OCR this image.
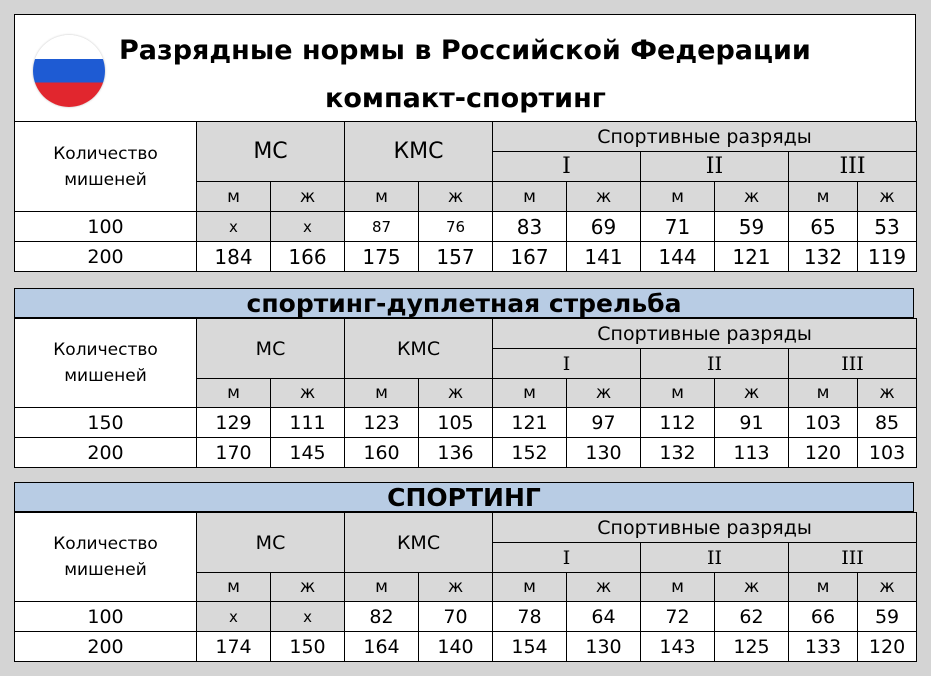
Разрядные нормы в Российской Федерации
компакт-спортинг
Количество мишеней	МС		КМС		Спортивные разряды					
					I		II		III	
	м	ж	м	ж	м	ж	м	ж	м	ж
100	х	х	87	76	83	69	71	59	65	53
200	184	166	175	157	167	141	144	121	132	119
спортинг-дуплетная стрельба
Количество мишеней	МС		КМС		Спортивные разряды					
					I		II		III	
	м	ж	м	ж	м	ж	м	ж	м	ж
150	129	111	123	105	121	97	112	91	103	85
200	170	145	160	136	152	130	132	113	120	103
СПОРТИНГ
Количество мишеней	МС		КМС		Спортивные разряды					
					I		II		III	
	м	ж	м	ж	м	ж	м	ж	м	ж
100	х	х	82	70	78	64	72	62	66	59
200	174	150	164	140	154	130	143	125	133	120
